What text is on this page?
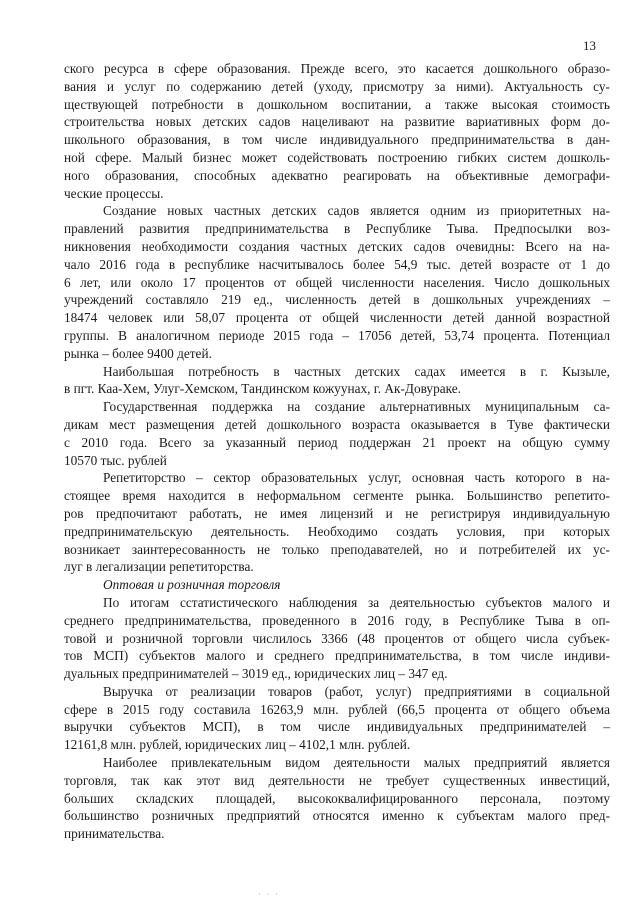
13

ского ресурса в сфере образования. Прежде всего, это касается дошкольного образо-
вания и услуг по содержанию детей (уходу, присмотру за ними). Актуальность су-
ществующей потребности в дошкольном воспитании, а также высокая стоимость
строительства новых детских садов нацеливают на развитие вариативных форм до-
школьного образования, в том числе индивидуального предпринимательства в дан-
ной сфере. Малый бизнес может содействовать построению гибких систем дошколь-
ного образования, способных адекватно реагировать на объективные демографи-
ческие процессы.

Создание новых частных детских садов является одним из приоритетных на-
правлений развития предпринимательства в Республике Тыва. Предпосылки воз-
никновения необходимости создания частных детских садов очевидны: Всего на на-
чало 2016 года в республике насчитывалось более 54,9 тыс. детей возрасте от 1 до
6 лет, или около 17 процентов от общей численности населения. Число дошкольных
учреждений составляло 219 ед., численность детей в дошкольных учреждениях –
18474 человек или 58,07 процента от общей численности детей данной возрастной
группы. В аналогичном периоде 2015 года – 17056 детей, 53,74 процента. Потенциал
рынка – более 9400 детей.

Наибольшая потребность в частных детских садах имеется в г. Кызыле,
в пгт. Каа-Хем, Улуг-Хемском, Тандинском кожуунах, г. Ак-Довураке.

Государственная поддержка на создание альтернативных муниципальным са-
дикам мест размещения детей дошкольного возраста оказывается в Туве фактически
с 2010 года. Всего за указанный период поддержан 21 проект на общую сумму
10570 тыс. рублей

Репетиторство – сектор образовательных услуг, основная часть которого в на-
стоящее время находится в неформальном сегменте рынка. Большинство репетито-
ров предпочитают работать, не имея лицензий и не регистрируя индивидуальную
предпринимательскую деятельность. Необходимо создать условия, при которых
возникает заинтересованность не только преподавателей, но и потребителей их ус-
луг в легализации репетиторства.

Оптовая и розничная торговля

По итогам сстатистического наблюдения за деятельностью субъектов малого и
среднего предпринимательства, проведенного в 2016 году, в Республике Тыва в оп-
товой и розничной торговли числилось 3366 (48 процентов от общего числа субъек-
тов МСП) субъектов малого и среднего предпринимательства, в том числе индиви-
дуальных предпринимателей – 3019 ед., юридических лиц – 347 ед.

Выручка от реализации товаров (работ, услуг) предприятиями в социальной
сфере в 2015 году составила 16263,9 млн. рублей (66,5 процента от общего объема
выручки субъектов МСП), в том числе индивидуальных предпринимателей –
12161,8 млн. рублей, юридических лиц – 4102,1 млн. рублей.

Наиболее привлекательным видом деятельности малых предприятий является
торговля, так как этот вид деятельности не требует существенных инвестиций,
больших складских площадей, высококвалифицированного персонала, поэтому
большинство розничных предприятий относятся именно к субъектам малого пред-
принимательства.

· · ·
